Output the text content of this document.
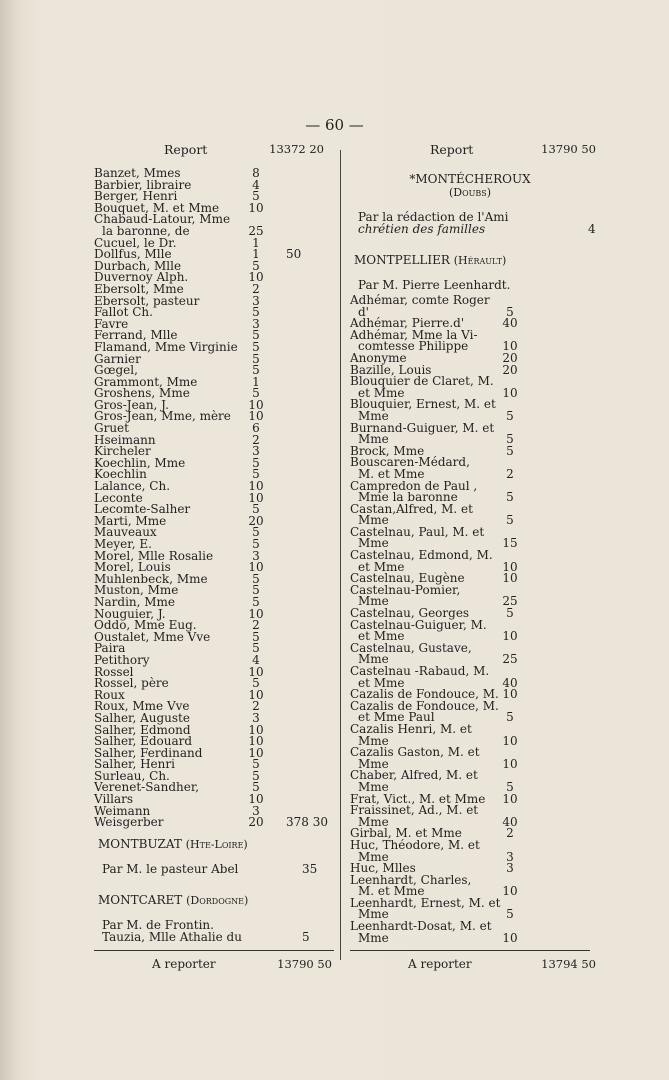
— 60 —
Report	13372 20
Banzet, Mmes	8
Barbier, libraire	4
Berger, Henri	5
Bouquet, M. et Mme 10
Chabaud-Latour, Mme
la baronne, de	25
Cucuel, le Dr.	1
Dollfus, Mlle	1	50
Durbach, Mlle	5
Duvernoy Alph.	10
Ebersolt, Mme	2
Ebersolt, pasteur	3
Fallot Ch.	5
Favre	3
Ferrand, Mlle	5
Flamand, Mme Virginie	5
Garnier	5
Gœgel,	5
Grammont, Mme	1
Groshens, Mme	5
Gros-Jean, J.	10
Gros-Jean, Mme, mère 10
Gruet	6
Hseimann	2
Kircheler	3
Koechlin, Mme	5
Koechlin	5
Lalance, Ch.	10
Leconte	10
Lecomte-Salher	5
Marti, Mme	20
Mauveaux	5
Meyer, E.	5
Morel, Mlle Rosalie	3
Morel, Louis	10
Muhlenbeck, Mme	5
Muston, Mme	5
Nardin, Mme	5
Nouguier, J.	10
Oddo, Mme Eug.	2
Oustalet, Mme Vve	5
Paira	5
Petithory	4
Rossel	10
Rossel, père	5
Roux	10
Roux, Mme Vve	2
Salher, Auguste	3
Salher, Edmond	10
Salher, Edouard	10
Salher, Ferdinand	10
Salher, Henri	5
Surleau, Ch.	5
Verenet-Sandher,	5
Villars	10
Weimann	3
Weisgerber	20 378 30
MONTBUZAT (Hte-Loire)
Par M. le pasteur Abel	35
MONTCARET (Dordogne)
Par M. de Frontin.
Tauzia, Mlle Athalie du	5
Report	13790 50
*MONTÉCHEROUX
(Doubs)
Par la rédaction de l'Ami
chrétien des familles	4
MONTPELLIER (Hérault)
Par M. Pierre Leenhardt.
Adhémar, comte Roger
d'	5
Adhémar, Pierre.d'	40
Adhémar, Mme la Vi-
comtesse Philippe	10
Anonyme	20
Bazille, Louis	20
Blouquier de Claret, M.
et Mme	10
Blouquier, Ernest, M. et
Mme	5
Burnand-Guiguer, M. et
Mme	5
Brock, Mme	5
Bouscaren-Médard,
M. et Mme	2
Campredon de Paul ,
Mme la baronne	5
Castan,Alfred, M. et
Mme	5
Castelnau, Paul, M. et
Mme	15
Castelnau, Edmond, M.
et Mme	10
Castelnau, Eugène	10
Castelnau-Pomier,
Mme	25
Castelnau, Georges	5
Castelnau-Guiguer, M.
et Mme	10
Castelnau, Gustave,
Mme	25
Castelnau -Rabaud, M.
et Mme	40
Cazalis de Fondouce, M. 10
Cazalis de Fondouce, M.
et Mme Paul	5
Cazalis Henri, M. et
Mme	10
Cazalis Gaston, M. et
Mme	10
Chaber, Alfred, M. et
Mme	5
Frat, Vict., M. et Mme 10
Fraissinet, Ad., M. et
Mme	40
Girbal, M. et Mme	2
Huc, Théodore, M. et
Mme	3
Huc, Mlles	3
Leenhardt, Charles,
M. et Mme	10
Leenhardt, Ernest, M. et
Mme	5
Leenhardt-Dosat, M. et
Mme	10
A reporter	13790 50	A reporter	13794 50
